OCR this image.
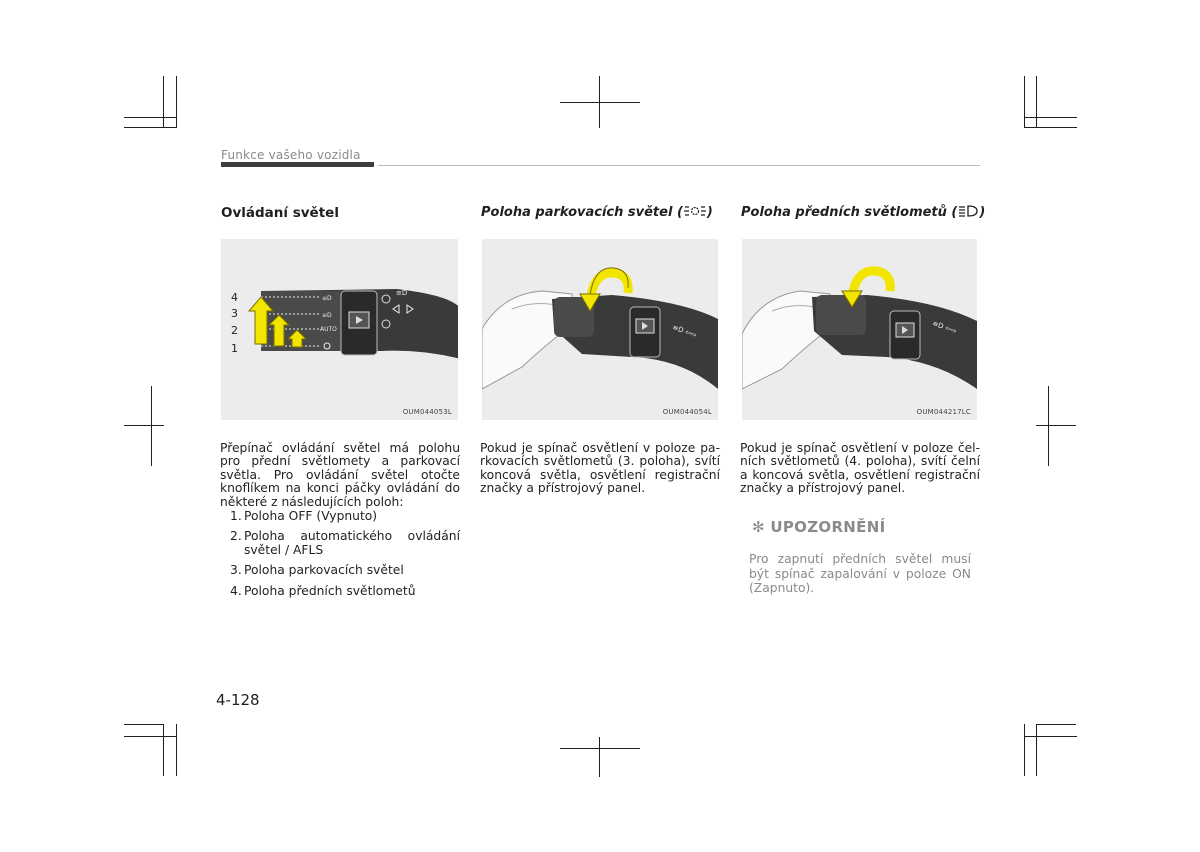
Funkce vašeho vozidla
Ovládaní světel
≡D
≡D
≡D
AUTO
4
3
2
1
OUM044053L

Přepínač ovládání světel má polohu pro přední světlomety a parkovací světla. Pro ovládání světel otočte knoflíkem na konci páčky ovládání do některé z následujících poloh:

1. Poloha OFF (Vypnuto)
2. Poloha automatického ovládání světel / AFLS
3. Poloha parkovacích světel
4. Poloha předních světlometů
Poloha parkovacích světel ( )
≡D ⇦⇨
OUM044054L
Pokud je spínač osvětlení v poloze parkovacích světlometů (3. poloha), svítí koncová světla, osvětlení registrační značky a přístrojový panel.
Poloha předních světlometů ( )
≡D ⇦⇨
OUM044217LC
Pokud je spínač osvětlení v poloze čelních světlometů (4. poloha), svítí čelní a koncová světla, osvětlení registrační značky a přístrojový panel.
✻ UPOZORNĚNÍ
Pro zapnutí předních světel musí být spínač zapalování v poloze ON (Zapnuto).
4-128
